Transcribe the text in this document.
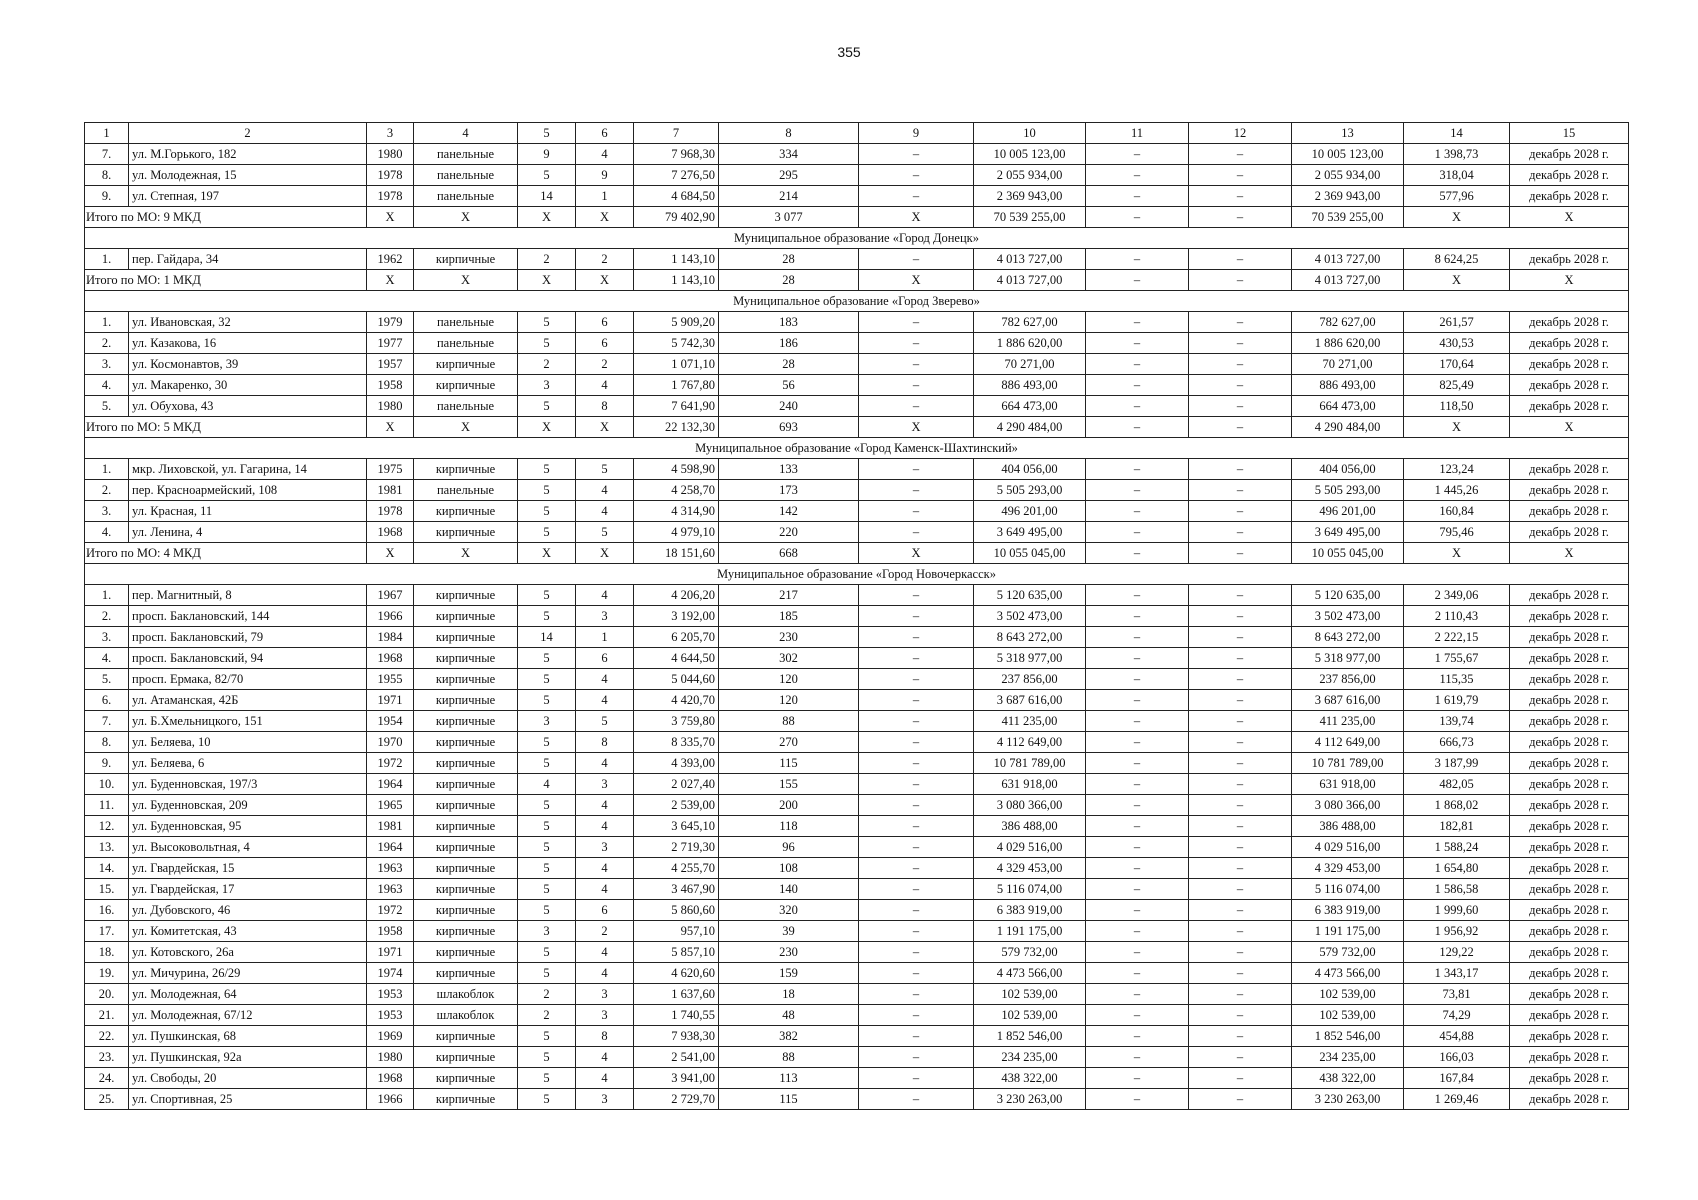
355
1	2	3	4	5	6	7	8	9	10	11	12	13	14	15
7.	ул. М.Горького, 182	1980	панельные	9	4	7 968,30	334	–	10 005 123,00	–	–	10 005 123,00	1 398,73	декабрь 2028 г.
8.	ул. Молодежная, 15	1978	панельные	5	9	7 276,50	295	–	2 055 934,00	–	–	2 055 934,00	318,04	декабрь 2028 г.
9.	ул. Степная, 197	1978	панельные	14	1	4 684,50	214	–	2 369 943,00	–	–	2 369 943,00	577,96	декабрь 2028 г.
Итого по МО: 9 МКД		Х	Х	Х	Х	79 402,90	3 077	Х	70 539 255,00	–	–	70 539 255,00	Х	Х
Муниципальное образование «Город Донецк»														
1.	пер. Гайдара, 34	1962	кирпичные	2	2	1 143,10	28	–	4 013 727,00	–	–	4 013 727,00	8 624,25	декабрь 2028 г.
Итого по МО: 1 МКД		Х	Х	Х	Х	1 143,10	28	Х	4 013 727,00	–	–	4 013 727,00	Х	Х
Муниципальное образование «Город Зверево»														
1.	ул. Ивановская, 32	1979	панельные	5	6	5 909,20	183	–	782 627,00	–	–	782 627,00	261,57	декабрь 2028 г.
2.	ул. Казакова, 16	1977	панельные	5	6	5 742,30	186	–	1 886 620,00	–	–	1 886 620,00	430,53	декабрь 2028 г.
3.	ул. Космонавтов, 39	1957	кирпичные	2	2	1 071,10	28	–	70 271,00	–	–	70 271,00	170,64	декабрь 2028 г.
4.	ул. Макаренко, 30	1958	кирпичные	3	4	1 767,80	56	–	886 493,00	–	–	886 493,00	825,49	декабрь 2028 г.
5.	ул. Обухова, 43	1980	панельные	5	8	7 641,90	240	–	664 473,00	–	–	664 473,00	118,50	декабрь 2028 г.
Итого по МО: 5 МКД		Х	Х	Х	Х	22 132,30	693	Х	4 290 484,00	–	–	4 290 484,00	Х	Х
Муниципальное образование «Город Каменск-Шахтинский»														
1.	мкр. Лиховской, ул. Гагарина, 14	1975	кирпичные	5	5	4 598,90	133	–	404 056,00	–	–	404 056,00	123,24	декабрь 2028 г.
2.	пер. Красноармейский, 108	1981	панельные	5	4	4 258,70	173	–	5 505 293,00	–	–	5 505 293,00	1 445,26	декабрь 2028 г.
3.	ул. Красная, 11	1978	кирпичные	5	4	4 314,90	142	–	496 201,00	–	–	496 201,00	160,84	декабрь 2028 г.
4.	ул. Ленина, 4	1968	кирпичные	5	5	4 979,10	220	–	3 649 495,00	–	–	3 649 495,00	795,46	декабрь 2028 г.
Итого по МО: 4 МКД		Х	Х	Х	Х	18 151,60	668	Х	10 055 045,00	–	–	10 055 045,00	Х	Х
Муниципальное образование «Город Новочеркасск»														
1.	пер. Магнитный, 8	1967	кирпичные	5	4	4 206,20	217	–	5 120 635,00	–	–	5 120 635,00	2 349,06	декабрь 2028 г.
2.	просп. Баклановский, 144	1966	кирпичные	5	3	3 192,00	185	–	3 502 473,00	–	–	3 502 473,00	2 110,43	декабрь 2028 г.
3.	просп. Баклановский, 79	1984	кирпичные	14	1	6 205,70	230	–	8 643 272,00	–	–	8 643 272,00	2 222,15	декабрь 2028 г.
4.	просп. Баклановский, 94	1968	кирпичные	5	6	4 644,50	302	–	5 318 977,00	–	–	5 318 977,00	1 755,67	декабрь 2028 г.
5.	просп. Ермака, 82/70	1955	кирпичные	5	4	5 044,60	120	–	237 856,00	–	–	237 856,00	115,35	декабрь 2028 г.
6.	ул. Атаманская, 42Б	1971	кирпичные	5	4	4 420,70	120	–	3 687 616,00	–	–	3 687 616,00	1 619,79	декабрь 2028 г.
7.	ул. Б.Хмельницкого, 151	1954	кирпичные	3	5	3 759,80	88	–	411 235,00	–	–	411 235,00	139,74	декабрь 2028 г.
8.	ул. Беляева, 10	1970	кирпичные	5	8	8 335,70	270	–	4 112 649,00	–	–	4 112 649,00	666,73	декабрь 2028 г.
9.	ул. Беляева, 6	1972	кирпичные	5	4	4 393,00	115	–	10 781 789,00	–	–	10 781 789,00	3 187,99	декабрь 2028 г.
10.	ул. Буденновская, 197/3	1964	кирпичные	4	3	2 027,40	155	–	631 918,00	–	–	631 918,00	482,05	декабрь 2028 г.
11.	ул. Буденновская, 209	1965	кирпичные	5	4	2 539,00	200	–	3 080 366,00	–	–	3 080 366,00	1 868,02	декабрь 2028 г.
12.	ул. Буденновская, 95	1981	кирпичные	5	4	3 645,10	118	–	386 488,00	–	–	386 488,00	182,81	декабрь 2028 г.
13.	ул. Высоковольтная, 4	1964	кирпичные	5	3	2 719,30	96	–	4 029 516,00	–	–	4 029 516,00	1 588,24	декабрь 2028 г.
14.	ул. Гвардейская, 15	1963	кирпичные	5	4	4 255,70	108	–	4 329 453,00	–	–	4 329 453,00	1 654,80	декабрь 2028 г.
15.	ул. Гвардейская, 17	1963	кирпичные	5	4	3 467,90	140	–	5 116 074,00	–	–	5 116 074,00	1 586,58	декабрь 2028 г.
16.	ул. Дубовского, 46	1972	кирпичные	5	6	5 860,60	320	–	6 383 919,00	–	–	6 383 919,00	1 999,60	декабрь 2028 г.
17.	ул. Комитетская, 43	1958	кирпичные	3	2	957,10	39	–	1 191 175,00	–	–	1 191 175,00	1 956,92	декабрь 2028 г.
18.	ул. Котовского, 26а	1971	кирпичные	5	4	5 857,10	230	–	579 732,00	–	–	579 732,00	129,22	декабрь 2028 г.
19.	ул. Мичурина, 26/29	1974	кирпичные	5	4	4 620,60	159	–	4 473 566,00	–	–	4 473 566,00	1 343,17	декабрь 2028 г.
20.	ул. Молодежная, 64	1953	шлакоблок	2	3	1 637,60	18	–	102 539,00	–	–	102 539,00	73,81	декабрь 2028 г.
21.	ул. Молодежная, 67/12	1953	шлакоблок	2	3	1 740,55	48	–	102 539,00	–	–	102 539,00	74,29	декабрь 2028 г.
22.	ул. Пушкинская, 68	1969	кирпичные	5	8	7 938,30	382	–	1 852 546,00	–	–	1 852 546,00	454,88	декабрь 2028 г.
23.	ул. Пушкинская, 92а	1980	кирпичные	5	4	2 541,00	88	–	234 235,00	–	–	234 235,00	166,03	декабрь 2028 г.
24.	ул. Свободы, 20	1968	кирпичные	5	4	3 941,00	113	–	438 322,00	–	–	438 322,00	167,84	декабрь 2028 г.
25.	ул. Спортивная, 25	1966	кирпичные	5	3	2 729,70	115	–	3 230 263,00	–	–	3 230 263,00	1 269,46	декабрь 2028 г.
